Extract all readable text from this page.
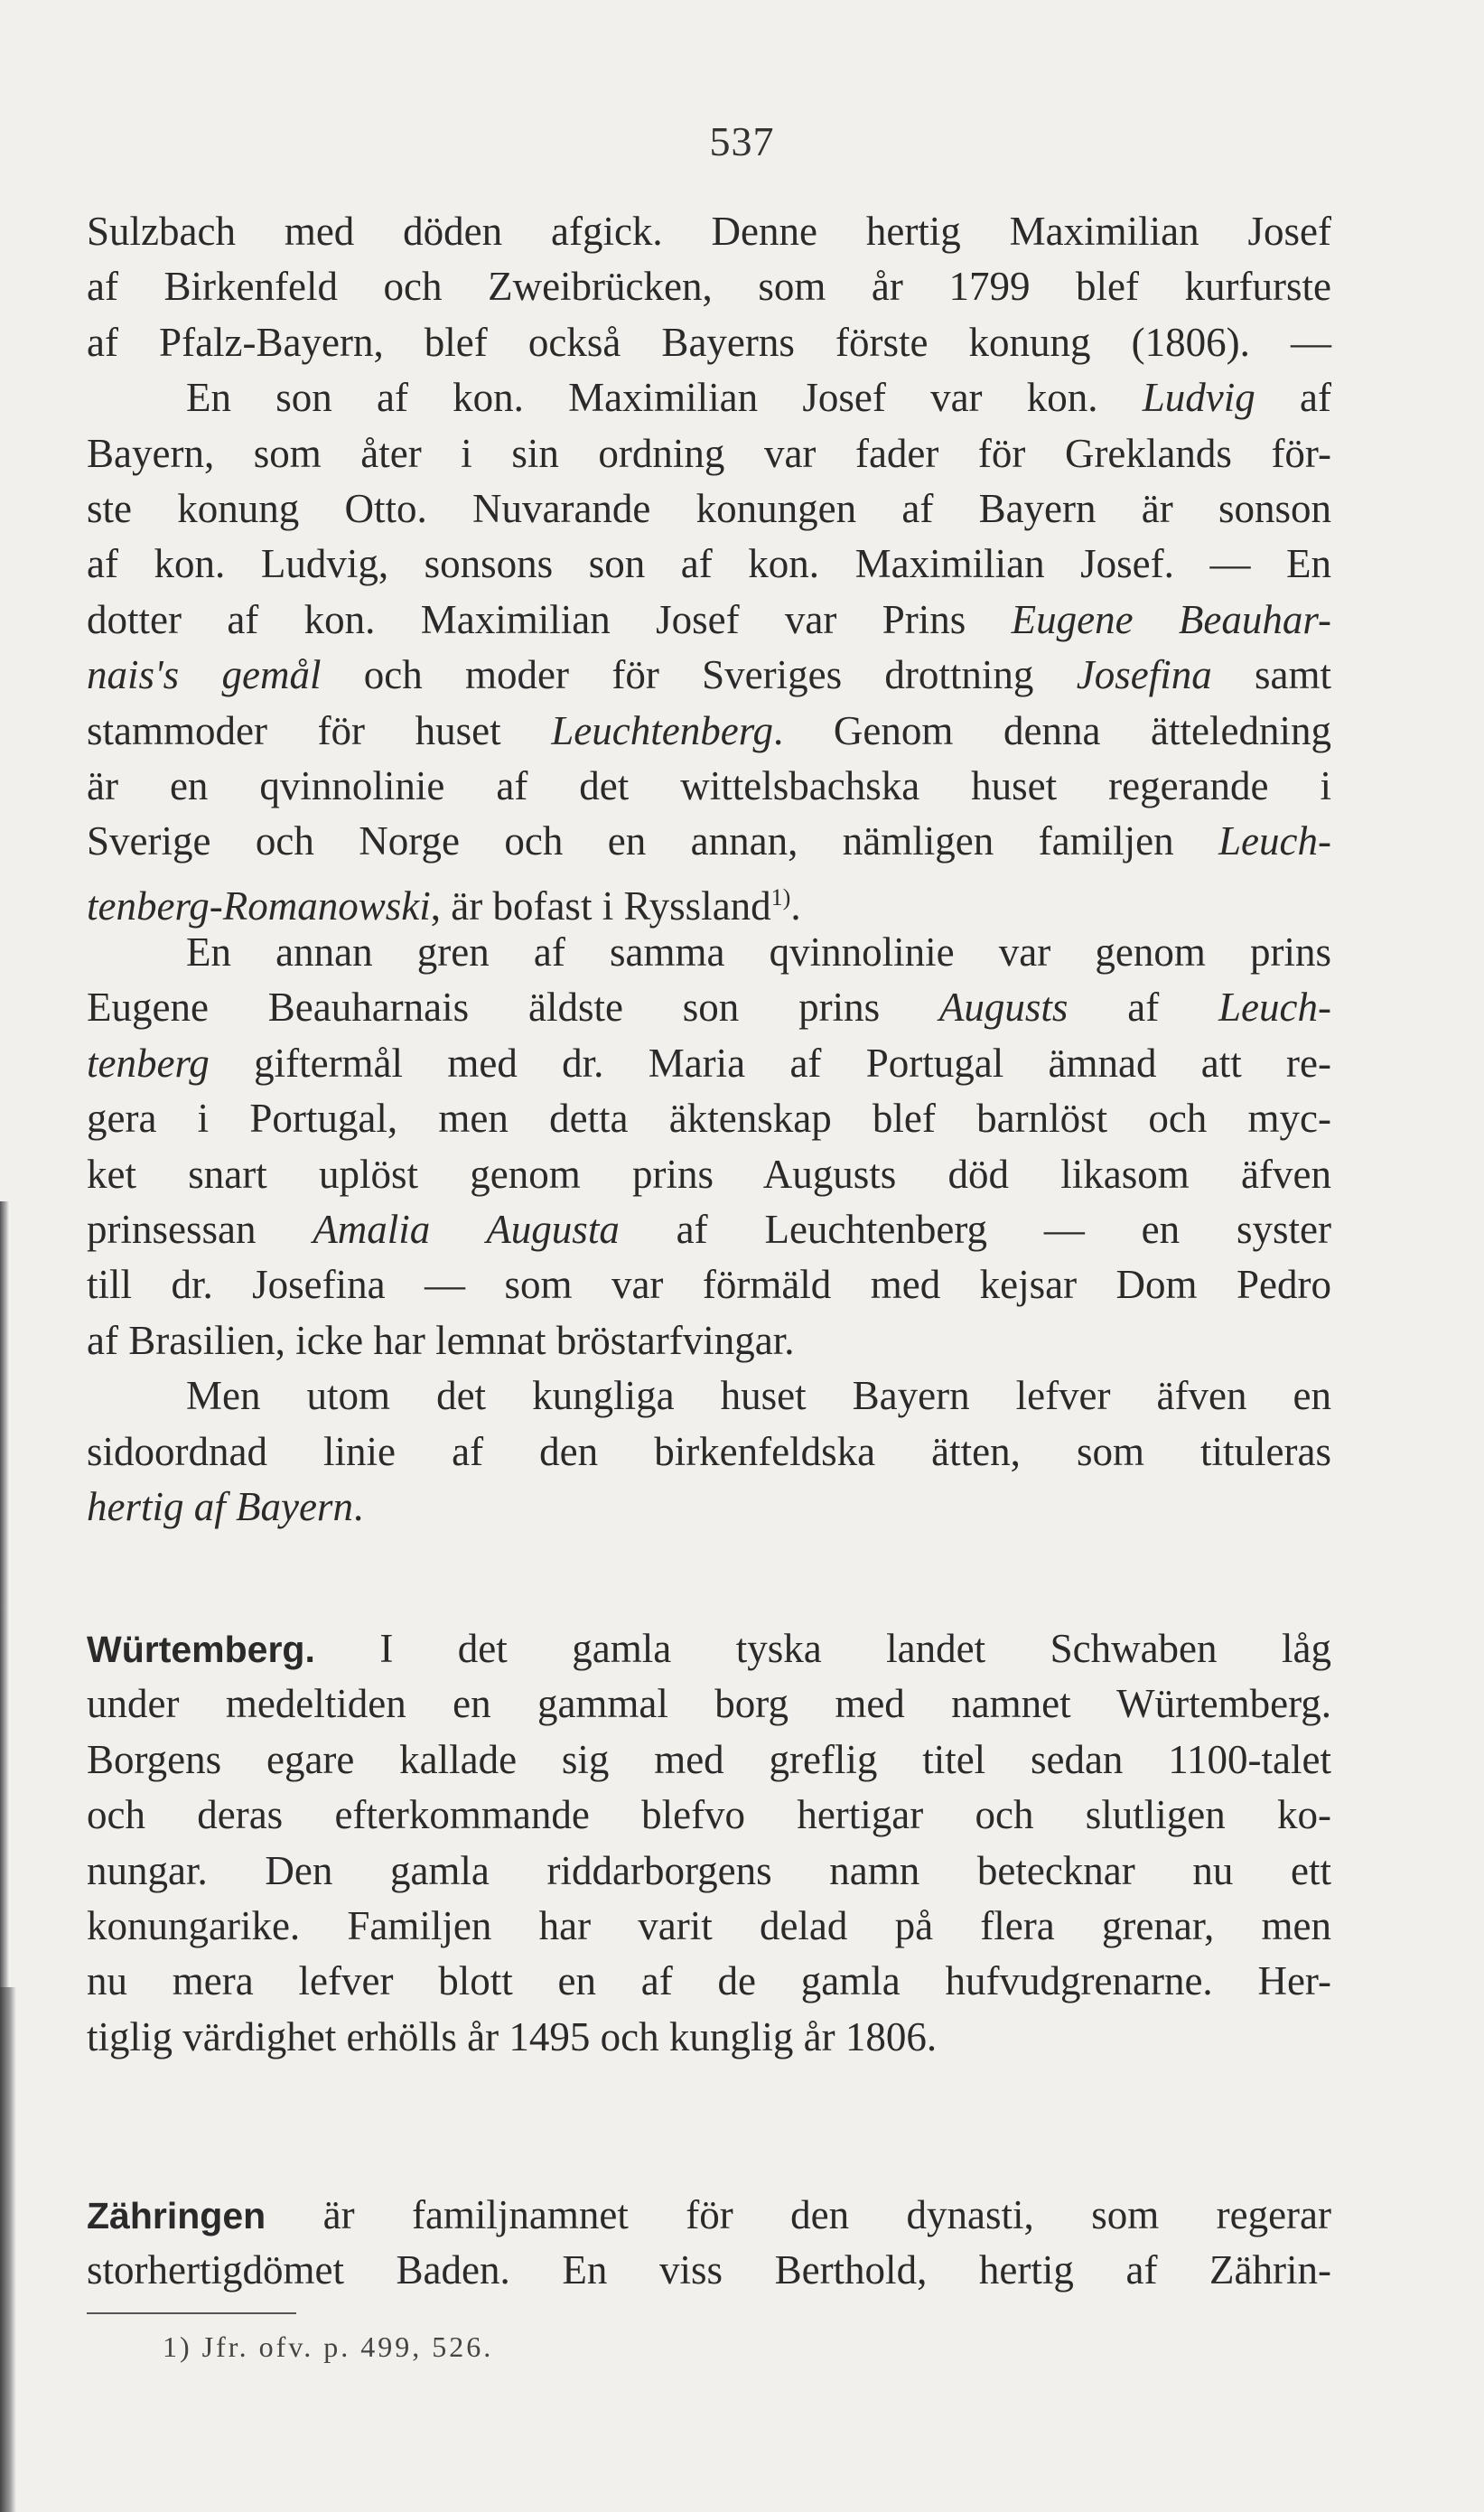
537
Sulzbach med döden afgick. Denne hertig Maximilian Josef
af Birkenfeld och Zweibrücken, som år 1799 blef kurfurste
af Pfalz-Bayern, blef också Bayerns förste konung (1806). —
En son af kon. Maximilian Josef var kon. Ludvig af
Bayern, som åter i sin ordning var fader för Greklands för-
ste konung Otto. Nuvarande konungen af Bayern är sonson
af kon. Ludvig, sonsons son af kon. Maximilian Josef. — En
dotter af kon. Maximilian Josef var Prins Eugene Beauhar-
nais's gemål och moder för Sveriges drottning Josefina samt
stammoder för huset Leuchtenberg. Genom denna ätteledning
är en qvinnolinie af det wittelsbachska huset regerande i
Sverige och Norge och en annan, nämligen familjen Leuch-
tenberg-Romanowski, är bofast i Ryssland$^{1)}$.
En annan gren af samma qvinnolinie var genom prins
Eugene Beauharnais äldste son prins Augusts af Leuch-
tenberg giftermål med dr. Maria af Portugal ämnad att re-
gera i Portugal, men detta äktenskap blef barnlöst och myc-
ket snart uplöst genom prins Augusts död likasom äfven
prinsessan Amalia Augusta af Leuchtenberg — en syster
till dr. Josefina — som var förmäld med kejsar Dom Pedro
af Brasilien, icke har lemnat bröstarfvingar.
Men utom det kungliga huset Bayern lefver äfven en
sidoordnad linie af den birkenfeldska ätten, som tituleras
hertig af Bayern.
Würtemberg. I det gamla tyska landet Schwaben låg
under medeltiden en gammal borg med namnet Würtemberg.
Borgens egare kallade sig med greflig titel sedan 1100-talet
och deras efterkommande blefvo hertigar och slutligen ko-
nungar. Den gamla riddarborgens namn betecknar nu ett
konungarike. Familjen har varit delad på flera grenar, men
nu mera lefver blott en af de gamla hufvudgrenarne. Her-
tiglig värdighet erhölls år 1495 och kunglig år 1806.
Zähringen är familjnamnet för den dynasti, som regerar
storhertigdömet Baden. En viss Berthold, hertig af Zährin-
1) Jfr. ofv. p. 499, 526.
